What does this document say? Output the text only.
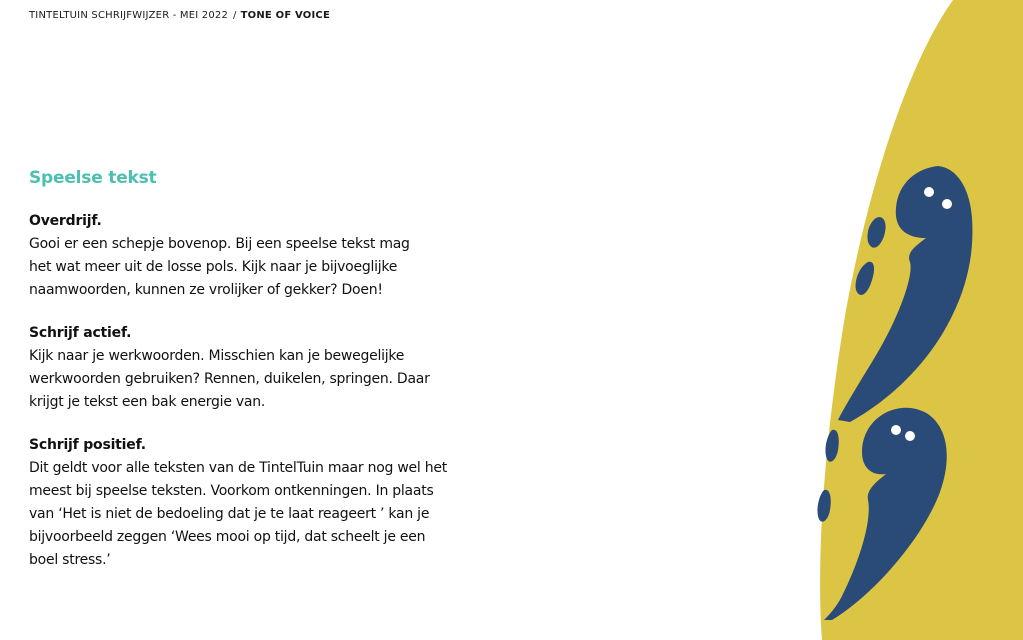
TINTELTUIN SCHRIJFWIJZER - MEI 2022 / TONE OF VOICE
Speelse tekst
Overdrijf.
Gooi er een schepje bovenop. Bij een speelse tekst mag
het wat meer uit de losse pols. Kijk naar je bijvoeglijke
naamwoorden, kunnen ze vrolijker of gekker? Doen!
Schrijf actief.
Kijk naar je werkwoorden. Misschien kan je bewegelijke
werkwoorden gebruiken? Rennen, duikelen, springen. Daar
krijgt je tekst een bak energie van.
Schrijf positief.
Dit geldt voor alle teksten van de TintelTuin maar nog wel het
meest bij speelse teksten. Voorkom ontkenningen. In plaats
van ‘Het is niet de bedoeling dat je te laat reageert ’ kan je
bijvoorbeeld zeggen ‘Wees mooi op tijd, dat scheelt je een
boel stress.’
